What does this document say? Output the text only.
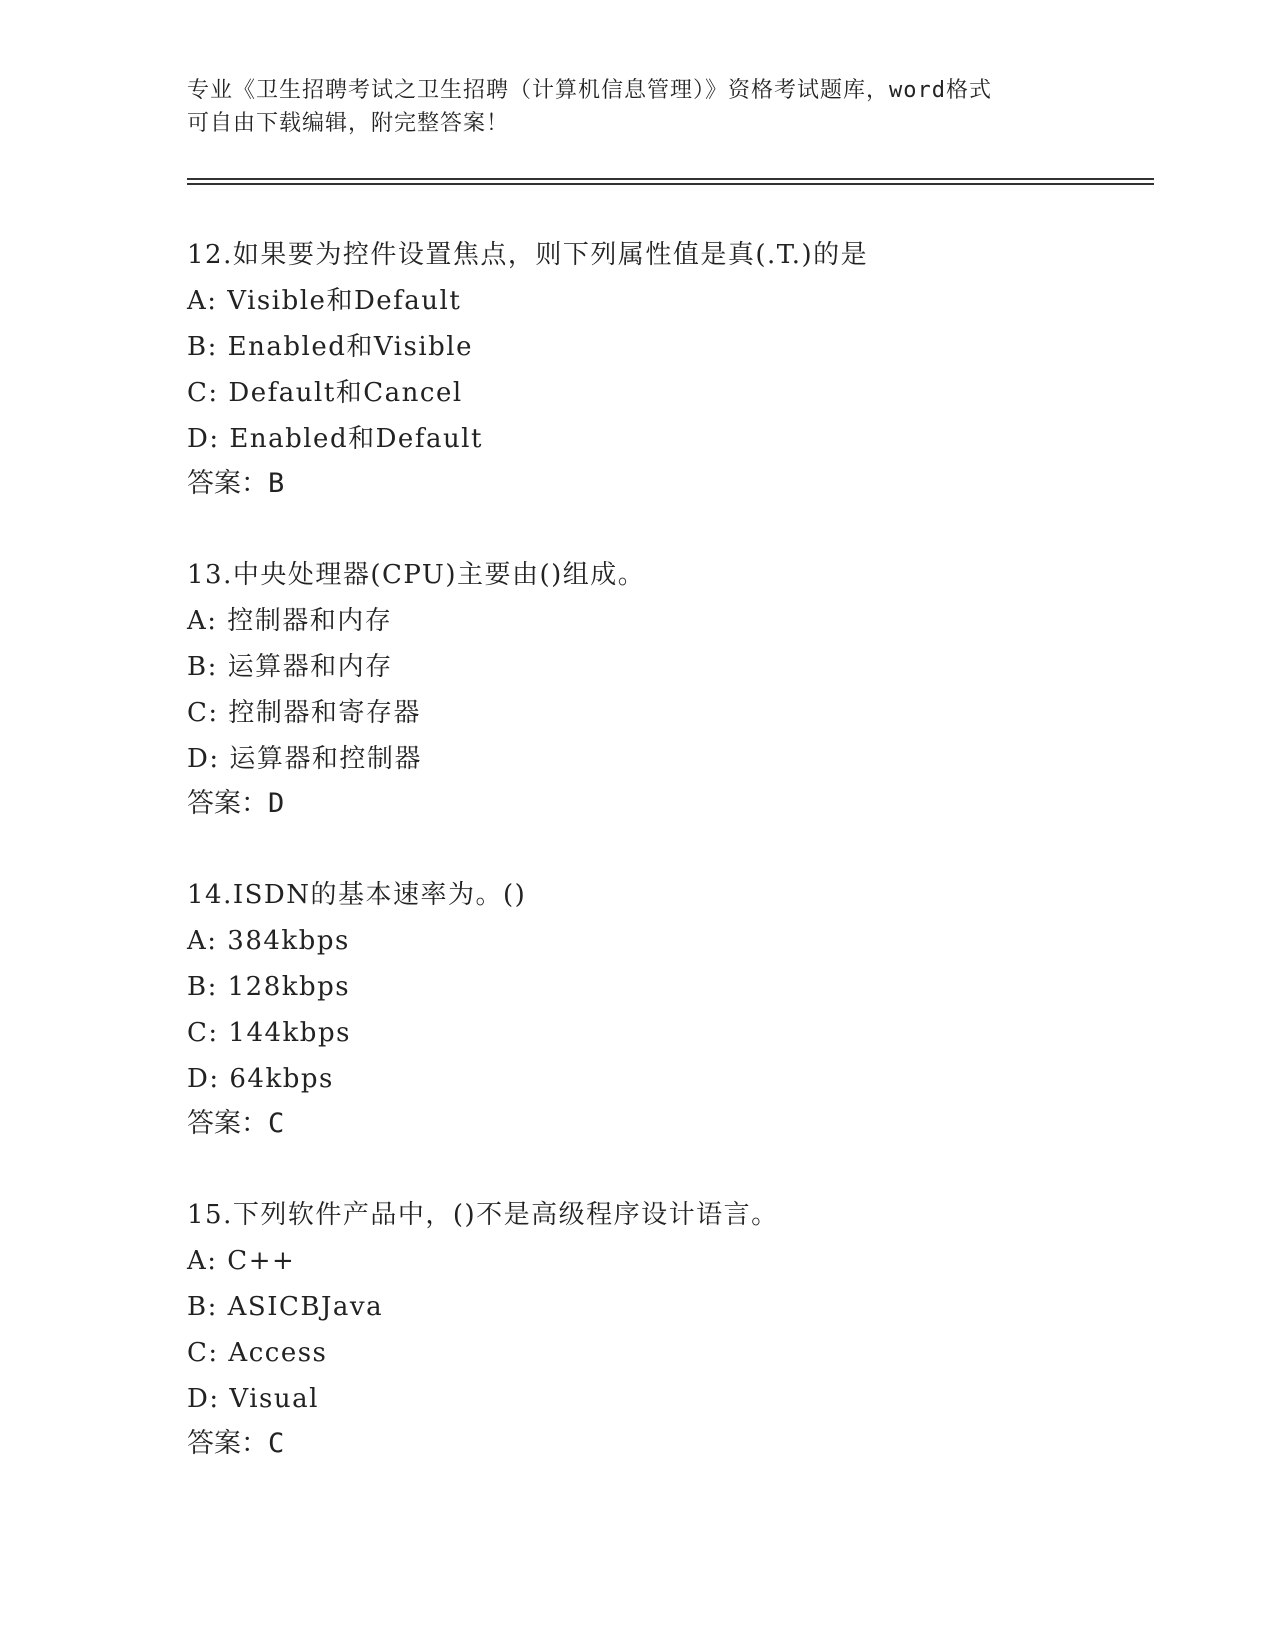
专业《卫生招聘考试之卫生招聘（计算机信息管理）》资格考试题库，word格式
可自由下载编辑，附完整答案！
12.如果要为控件设置焦点，则下列属性值是真(.T.)的是
A: Visible和Default
B: Enabled和Visible
C: Default和Cancel
D: Enabled和Default
答案：B
13.中央处理器(CPU)主要由()组成。
A: 控制器和内存
B: 运算器和内存
C: 控制器和寄存器
D: 运算器和控制器
答案：D
14.ISDN的基本速率为。()
A: 384kbps
B: 128kbps
C: 144kbps
D: 64kbps
答案：C
15.下列软件产品中，()不是高级程序设计语言。
A: C++
B: ASICBJava
C: Access
D: Visual
答案：C
